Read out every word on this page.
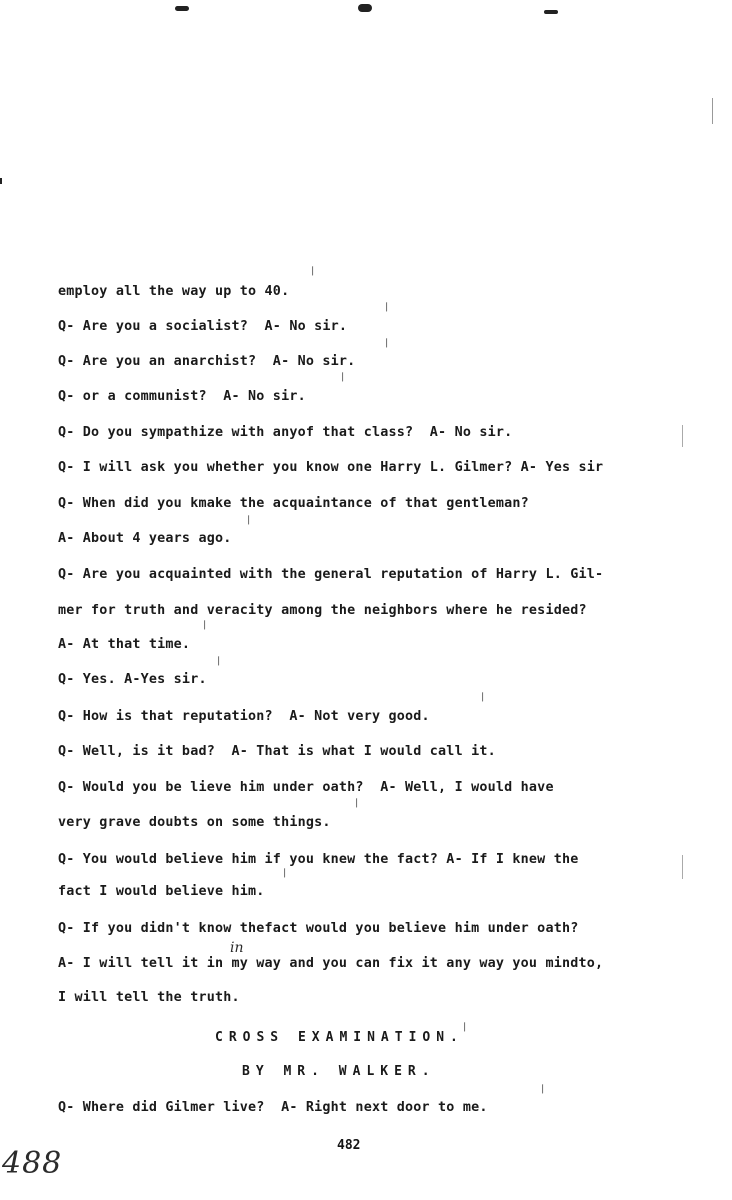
employ all the way up to 40.
Q- Are you a socialist?  A- No sir.
Q- Are you an anarchist?  A- No sir.
Q- or a communist?  A- No sir.
Q- Do you sympathize with anyof that class?  A- No sir.
Q- I will ask you whether you know one Harry L. Gilmer? A- Yes sir
Q- When did you kmake the acquaintance of that gentleman?
A- About 4 years ago.
Q- Are you acquainted with the general reputation of Harry L. Gil-
mer for truth and veracity among the neighbors where he resided?
A- At that time.
Q- Yes. A-Yes sir.
Q- How is that reputation?  A- Not very good.
Q- Well, is it bad?  A- That is what I would call it.
Q- Would you be lieve him under oath?  A- Well, I would have
very grave doubts on some things.
Q- You would believe him if you knew the fact? A- If I knew the
fact I would believe him.
Q- If you didn't know thefact would you believe him under oath?
A- I will tell it in my way and you can fix it any way you mindto,
I will tell the truth.
in
CROSS EXAMINATION.
BY MR. WALKER.
Q- Where did Gilmer live?  A- Right next door to me.
482
488
/
/
/
/
/
/
/
/
/
/
/
/
